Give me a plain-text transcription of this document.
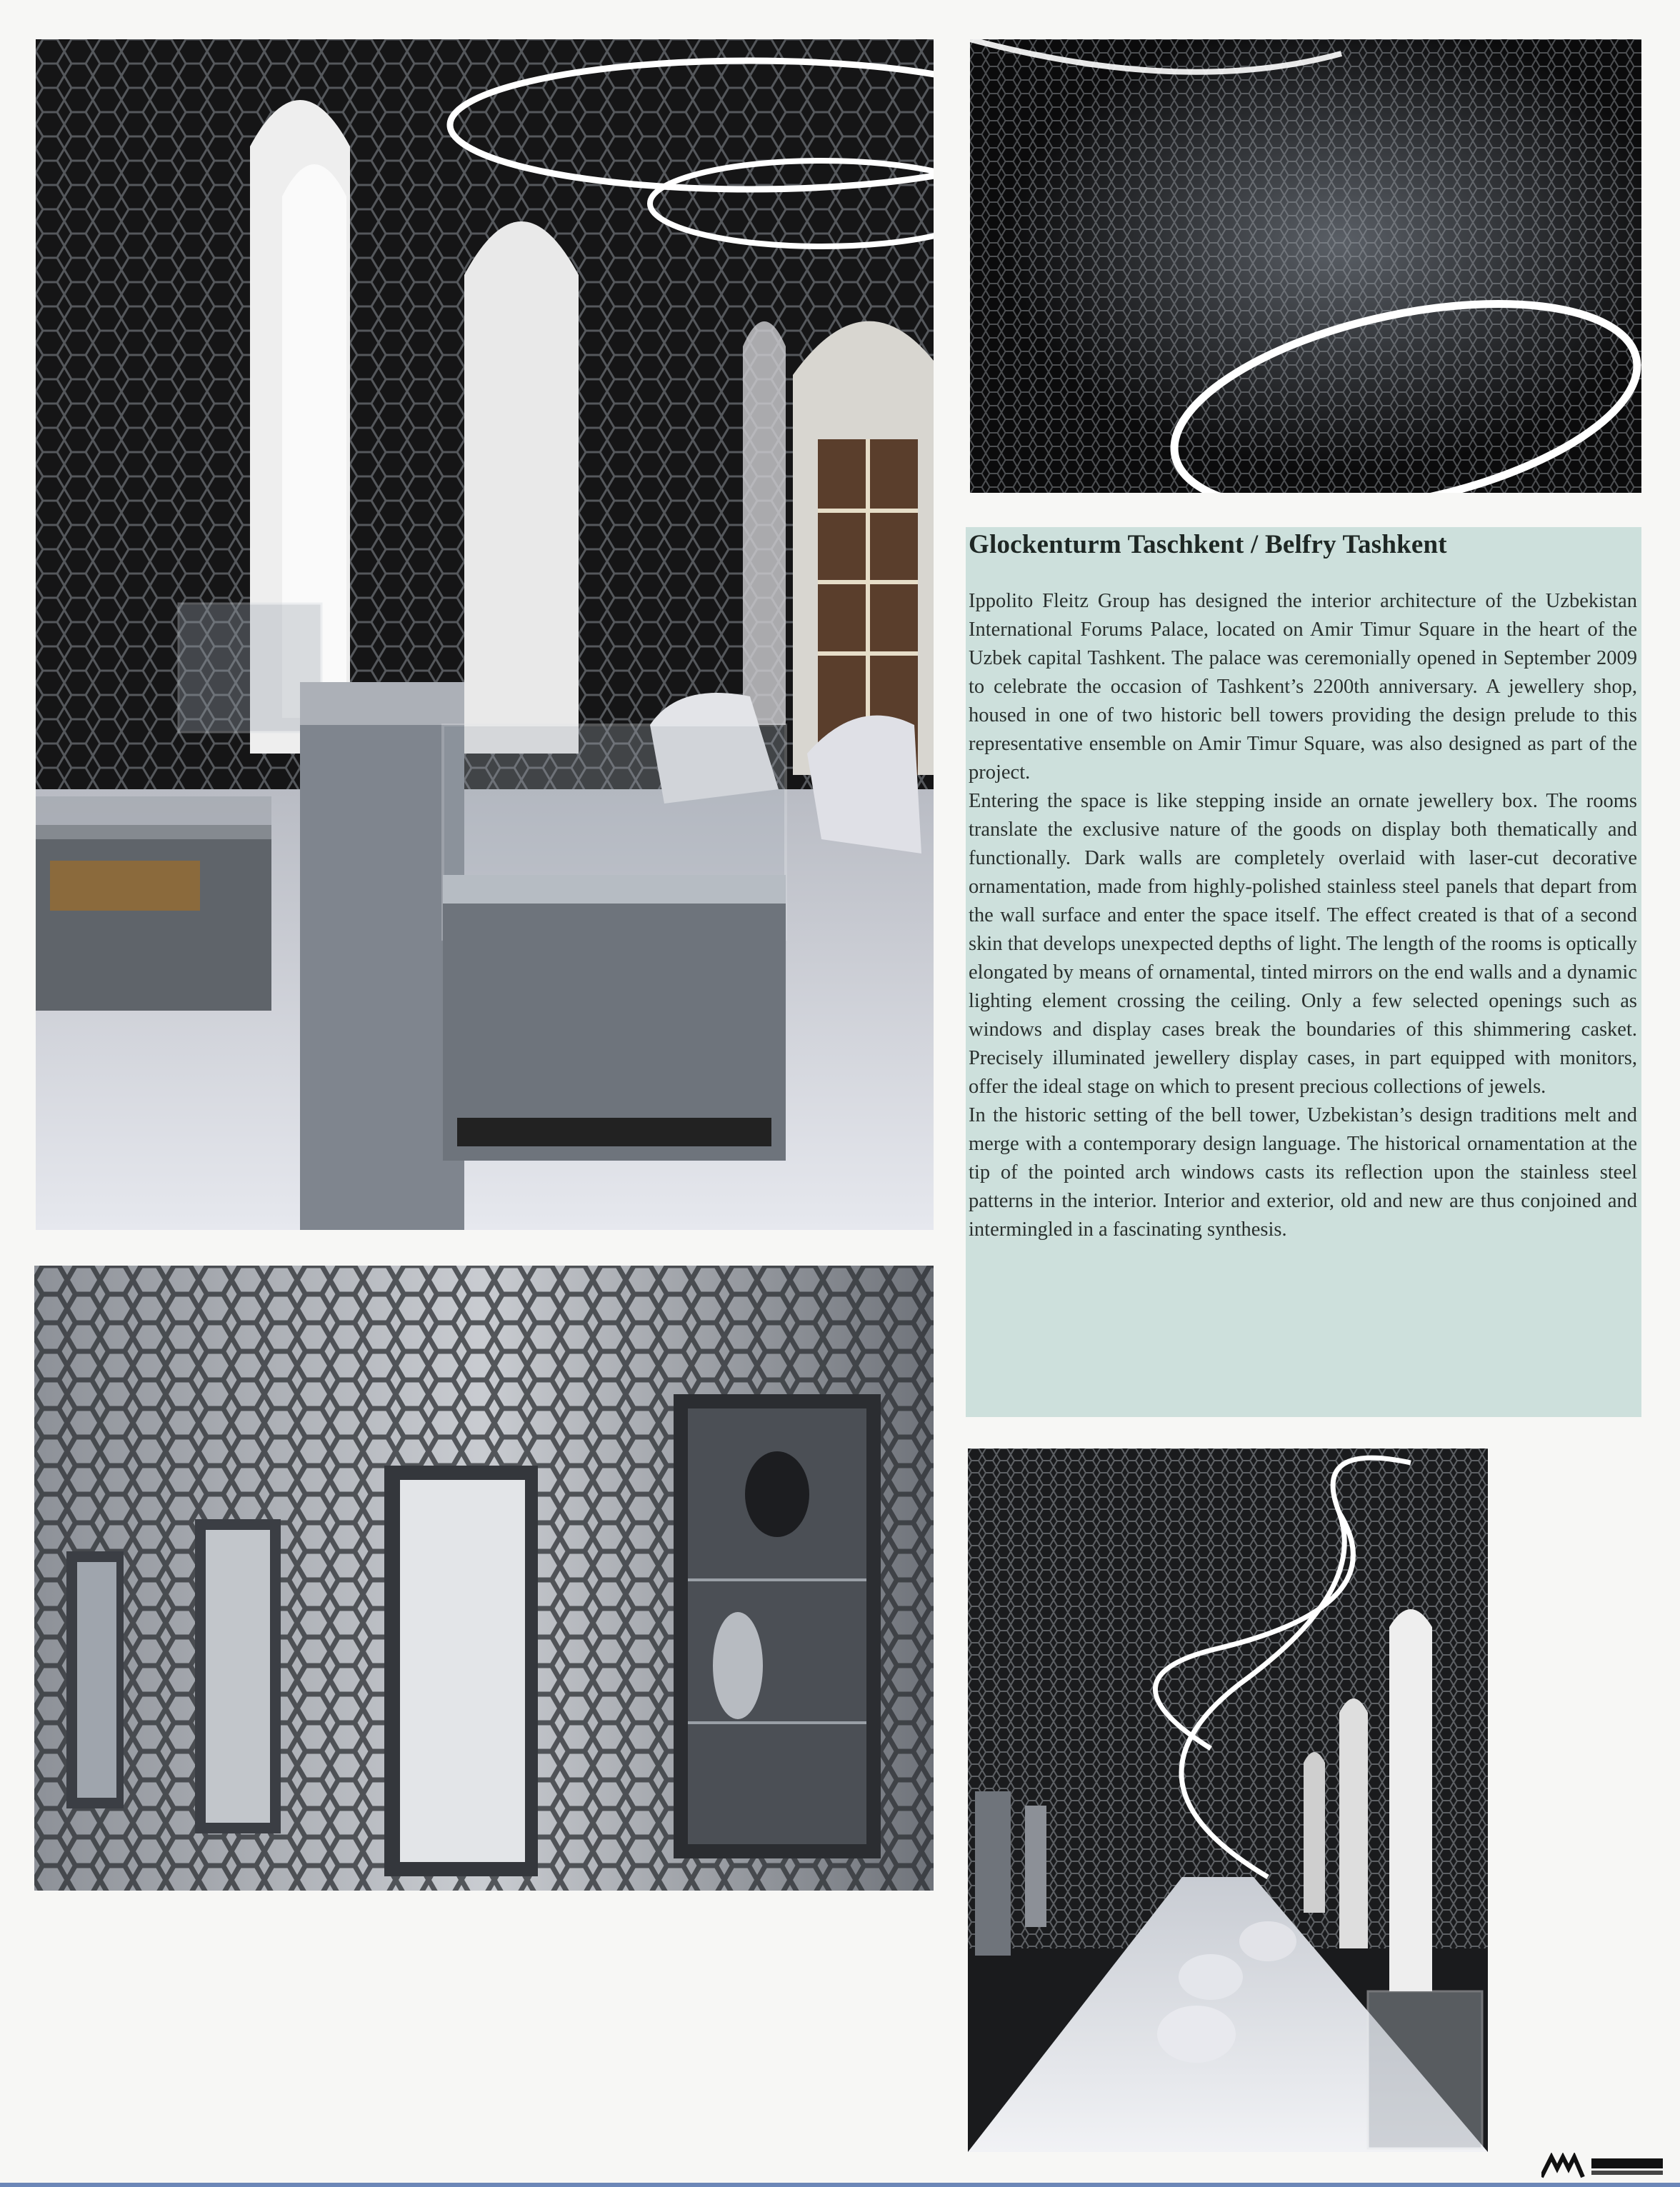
Glockenturm Taschkent / Belfry Tashkent

Ippolito Fleitz Group has designed the interior architecture of the Uzbekistan International Forums Palace, located on Amir Timur Square in the heart of the Uzbek capital Tashkent. The palace was ceremonially opened in September 2009 to celebrate the occasion of Tashkent’s 2200th anniversary. A jewellery shop, housed in one of two historic bell towers providing the design prelude to this representative ensemble on Amir Timur Square, was also designed as part of the project.

Entering the space is like stepping inside an ornate jewellery box. The rooms translate the exclusive nature of the goods on display both thematically and functionally. Dark walls are completely overlaid with laser-cut decorative ornamentation, made from highly-polished stainless steel panels that depart from the wall surface and enter the space itself. The effect created is that of a second skin that develops unexpected depths of light. The length of the rooms is optically elongated by means of ornamental, tinted mirrors on the end walls and a dynamic lighting element crossing the ceiling. Only a few selected openings such as windows and display cases break the boundaries of this shimmering casket. Precisely illuminated jewellery display cases, in part equipped with monitors, offer the ideal stage on which to present precious collections of jewels.

In the historic setting of the bell tower, Uzbekistan’s design traditions melt and merge with a contemporary design language. The historical ornamentation at the tip of the pointed arch windows casts its reflection upon the stainless steel patterns in the interior. Interior and exterior, old and new are thus conjoined and intermingled in a fascinating synthesis.
